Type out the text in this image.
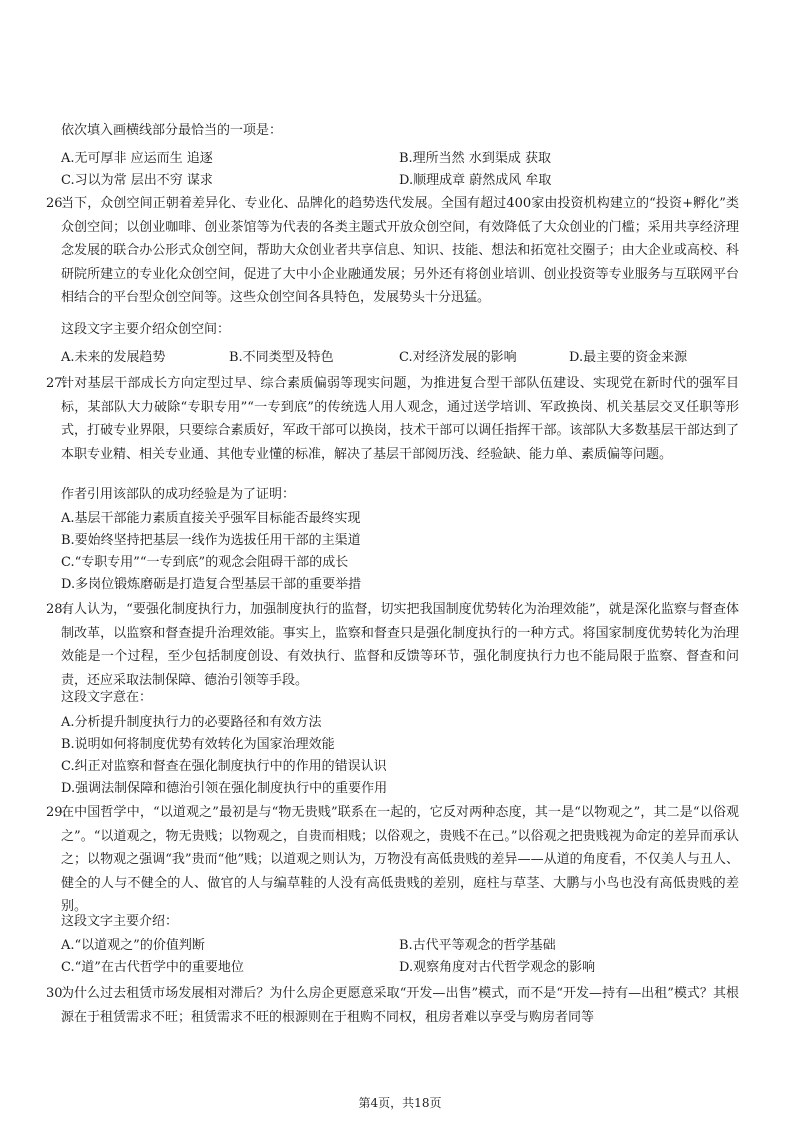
依次填入画横线部分最恰当的一项是：
A.无可厚非 应运而生 追逐	B.理所当然 水到渠成 获取
C.习以为常 层出不穷 谋求	D.顺理成章 蔚然成风 牟取
26.
当下，众创空间正朝着差异化、专业化、品牌化的趋势迭代发展。全国有超过400家由投资机构建立的“投资+孵化”类众创空间；以创业咖啡、创业茶馆等为代表的各类主题式开放众创空间，有效降低了大众创业的门槛；采用共享经济理念发展的联合办公形式众创空间，帮助大众创业者共享信息、知识、技能、想法和拓宽社交圈子；由大企业或高校、科研院所建立的专业化众创空间，促进了大中小企业融通发展；另外还有将创业培训、创业投资等专业服务与互联网平台相结合的平台型众创空间等。这些众创空间各具特色，发展势头十分迅猛。
这段文字主要介绍众创空间：
A.未来的发展趋势	B.不同类型及特色	C.对经济发展的影响	D.最主要的资金来源
27.
针对基层干部成长方向定型过早、综合素质偏弱等现实问题，为推进复合型干部队伍建设、实现党在新时代的强军目标，某部队大力破除“专职专用”“一专到底”的传统选人用人观念，通过送学培训、军政换岗、机关基层交叉任职等形式，打破专业界限，只要综合素质好，军政干部可以换岗，技术干部可以调任指挥干部。该部队大多数基层干部达到了本职专业精、相关专业通、其他专业懂的标准，解决了基层干部阅历浅、经验缺、能力单、素质偏等问题。
作者引用该部队的成功经验是为了证明：
A.基层干部能力素质直接关乎强军目标能否最终实现
B.要始终坚持把基层一线作为选拔任用干部的主渠道
C.“专职专用”“一专到底”的观念会阻碍干部的成长
D.多岗位锻炼磨砺是打造复合型基层干部的重要举措
28.
有人认为，“要强化制度执行力，加强制度执行的监督，切实把我国制度优势转化为治理效能”，就是深化监察与督查体制改革，以监察和督查提升治理效能。事实上，监察和督查只是强化制度执行的一种方式。将国家制度优势转化为治理效能是一个过程，至少包括制度创设、有效执行、监督和反馈等环节，强化制度执行力也不能局限于监察、督查和问责，还应采取法制保障、德治引领等手段。
这段文字意在：
A.分析提升制度执行力的必要路径和有效方法
B.说明如何将制度优势有效转化为国家治理效能
C.纠正对监察和督查在强化制度执行中的作用的错误认识
D.强调法制保障和德治引领在强化制度执行中的重要作用
29.
在中国哲学中，“以道观之”最初是与“物无贵贱”联系在一起的，它反对两种态度，其一是“以物观之”，其二是“以俗观之”。“以道观之，物无贵贱；以物观之，自贵而相贱；以俗观之，贵贱不在己。”以俗观之把贵贱视为命定的差异而承认之；以物观之强调“我”贵而“他”贱；以道观之则认为，万物没有高低贵贱的差异——从道的角度看，不仅美人与丑人、健全的人与不健全的人、做官的人与编草鞋的人没有高低贵贱的差别，庭柱与草茎、大鹏与小鸟也没有高低贵贱的差别。
这段文字主要介绍：
A.“以道观之”的价值判断	B.古代平等观念的哲学基础
C.“道”在古代哲学中的重要地位	D.观察角度对古代哲学观念的影响
30.
为什么过去租赁市场发展相对滞后？为什么房企更愿意采取“开发—出售”模式，而不是“开发—持有—出租”模式？其根源在于租赁需求不旺；租赁需求不旺的根源则在于租购不同权，租房者难以享受与购房者同等
第4页，共18页
